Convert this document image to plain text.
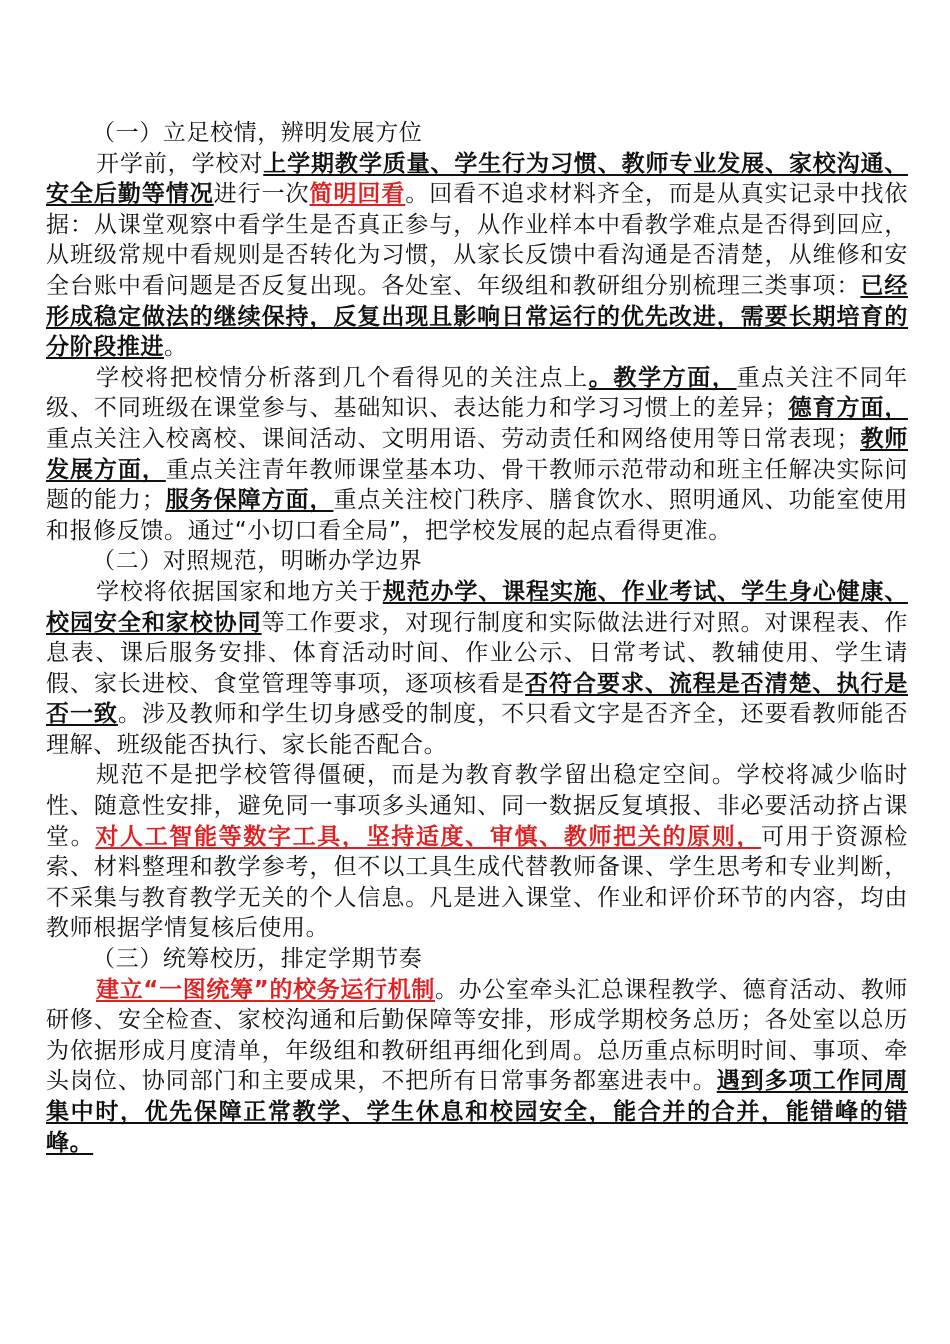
（一）立足校情，辨明发展方位

开学前，学校对上学期教学质量、学生行为习惯、教师专业发展、家校沟通、安全后勤等情况进行一次简明回看。回看不追求材料齐全，而是从真实记录中找依据：从课堂观察中看学生是否真正参与，从作业样本中看教学难点是否得到回应，从班级常规中看规则是否转化为习惯，从家长反馈中看沟通是否清楚，从维修和安全台账中看问题是否反复出现。各处室、年级组和教研组分别梳理三类事项：已经形成稳定做法的继续保持，反复出现且影响日常运行的优先改进，需要长期培育的分阶段推进。

学校将把校情分析落到几个看得见的关注点上。教学方面，重点关注不同年级、不同班级在课堂参与、基础知识、表达能力和学习习惯上的差异；德育方面，重点关注入校离校、课间活动、文明用语、劳动责任和网络使用等日常表现；教师发展方面，重点关注青年教师课堂基本功、骨干教师示范带动和班主任解决实际问题的能力；服务保障方面，重点关注校门秩序、膳食饮水、照明通风、功能室使用和报修反馈。通过“小切口看全局”，把学校发展的起点看得更准。

（二）对照规范，明晰办学边界

学校将依据国家和地方关于规范办学、课程实施、作业考试、学生身心健康、校园安全和家校协同等工作要求，对现行制度和实际做法进行对照。对课程表、作息表、课后服务安排、体育活动时间、作业公示、日常考试、教辅使用、学生请假、家长进校、食堂管理等事项，逐项核看是否符合要求、流程是否清楚、执行是否一致。涉及教师和学生切身感受的制度，不只看文字是否齐全，还要看教师能否理解、班级能否执行、家长能否配合。

规范不是把学校管得僵硬，而是为教育教学留出稳定空间。学校将减少临时性、随意性安排，避免同一事项多头通知、同一数据反复填报、非必要活动挤占课堂。对人工智能等数字工具，坚持适度、审慎、教师把关的原则，可用于资源检索、材料整理和教学参考，但不以工具生成代替教师备课、学生思考和专业判断，不采集与教育教学无关的个人信息。凡是进入课堂、作业和评价环节的内容，均由教师根据学情复核后使用。

（三）统筹校历，排定学期节奏

建立“一图统筹”的校务运行机制。办公室牵头汇总课程教学、德育活动、教师研修、安全检查、家校沟通和后勤保障等安排，形成学期校务总历；各处室以总历为依据形成月度清单，年级组和教研组再细化到周。总历重点标明时间、事项、牵头岗位、协同部门和主要成果，不把所有日常事务都塞进表中。遇到多项工作同周集中时，优先保障正常教学、学生休息和校园安全，能合并的合并，能错峰的错峰。
